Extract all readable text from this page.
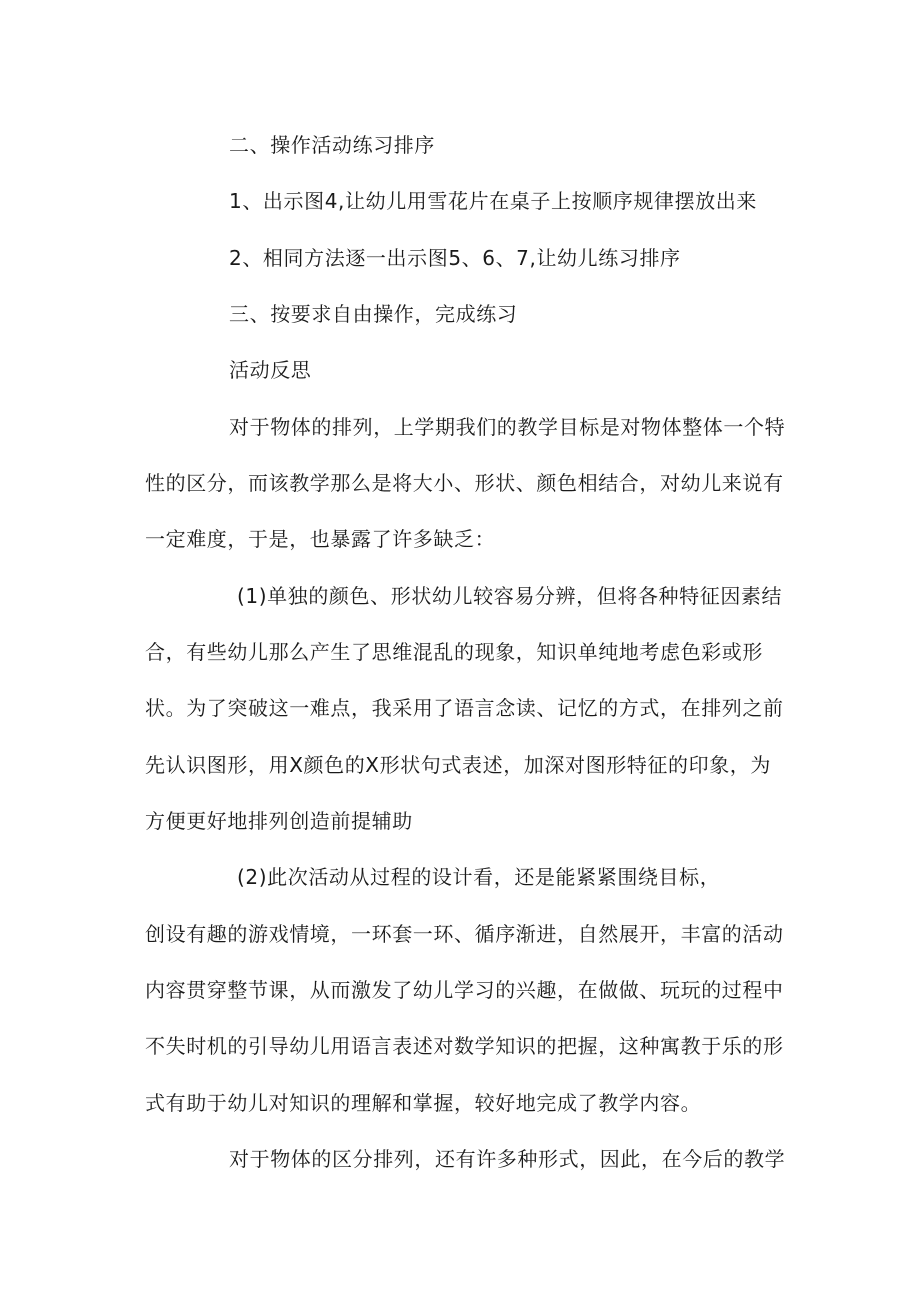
二、操作活动练习排序
1、出示图4,让幼儿用雪花片在桌子上按顺序规律摆放出来
2、相同方法逐一出示图5、6、7,让幼儿练习排序
三、按要求自由操作，完成练习
活动反思
对于物体的排列，上学期我们的教学目标是对物体整体一个特
性的区分，而该教学那么是将大小、形状、颜色相结合，对幼儿来说有
一定难度，于是，也暴露了许多缺乏：
(1)单独的颜色、形状幼儿较容易分辨，但将各种特征因素结
合，有些幼儿那么产生了思维混乱的现象，知识单纯地考虑色彩或形
状。为了突破这一难点，我采用了语言念读、记忆的方式，在排列之前
先认识图形，用X颜色的X形状句式表述，加深对图形特征的印象，为
方便更好地排列创造前提辅助
(2)此次活动从过程的设计看，还是能紧紧围绕目标，
创设有趣的游戏情境，一环套一环、循序渐进，自然展开，丰富的活动
内容贯穿整节课，从而激发了幼儿学习的兴趣，在做做、玩玩的过程中
不失时机的引导幼儿用语言表述对数学知识的把握，这种寓教于乐的形
式有助于幼儿对知识的理解和掌握，较好地完成了教学内容。
对于物体的区分排列，还有许多种形式，因此，在今后的教学
